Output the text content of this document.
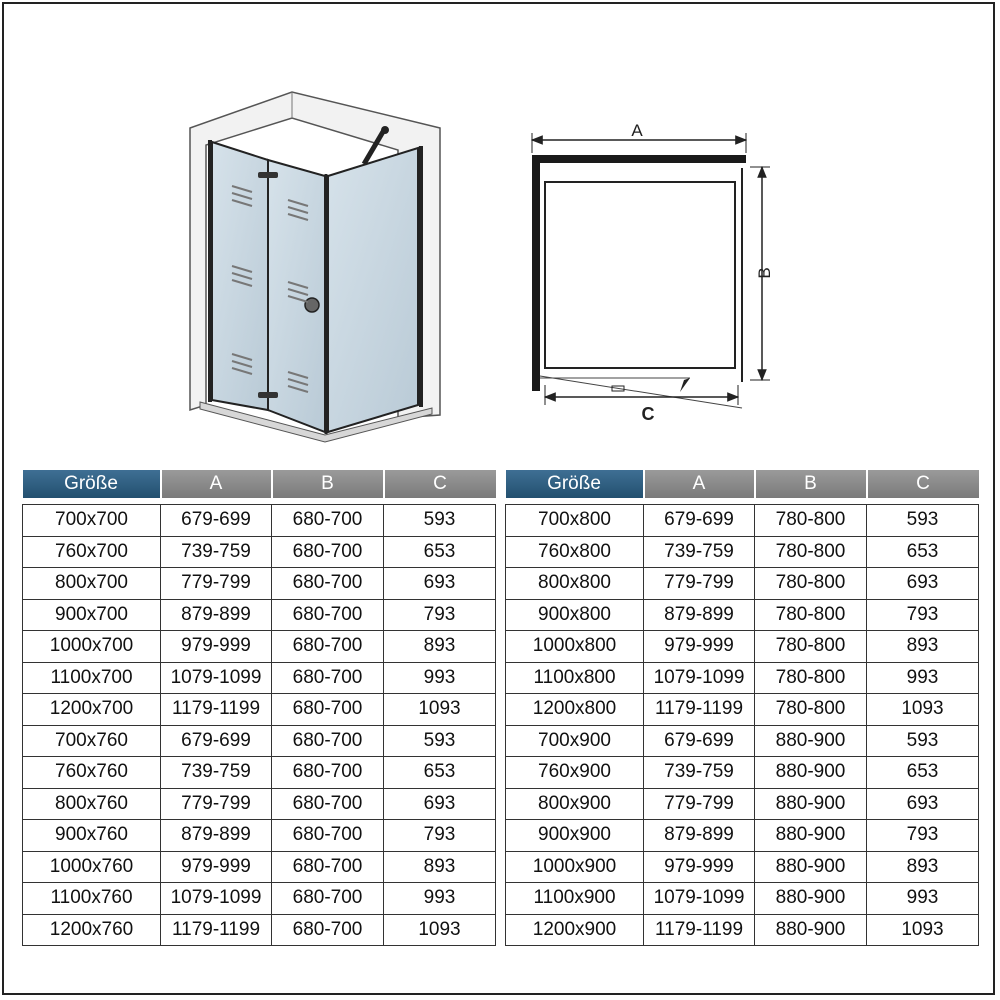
A
B
C
Größe	A	B	C

700x700	679-699	680-700	593
760x700	739-759	680-700	653
800x700	779-799	680-700	693
900x700	879-899	680-700	793
1000x700	979-999	680-700	893
1100x700	1079-1099	680-700	993
1200x700	1179-1199	680-700	1093
700x760	679-699	680-700	593
760x760	739-759	680-700	653
800x760	779-799	680-700	693
900x760	879-899	680-700	793
1000x760	979-999	680-700	893
1100x760	1079-1099	680-700	993
1200x760	1179-1199	680-700	1093
Größe	A	B	C

700x800	679-699	780-800	593
760x800	739-759	780-800	653
800x800	779-799	780-800	693
900x800	879-899	780-800	793
1000x800	979-999	780-800	893
1100x800	1079-1099	780-800	993
1200x800	1179-1199	780-800	1093
700x900	679-699	880-900	593
760x900	739-759	880-900	653
800x900	779-799	880-900	693
900x900	879-899	880-900	793
1000x900	979-999	880-900	893
1100x900	1079-1099	880-900	993
1200x900	1179-1199	880-900	1093
